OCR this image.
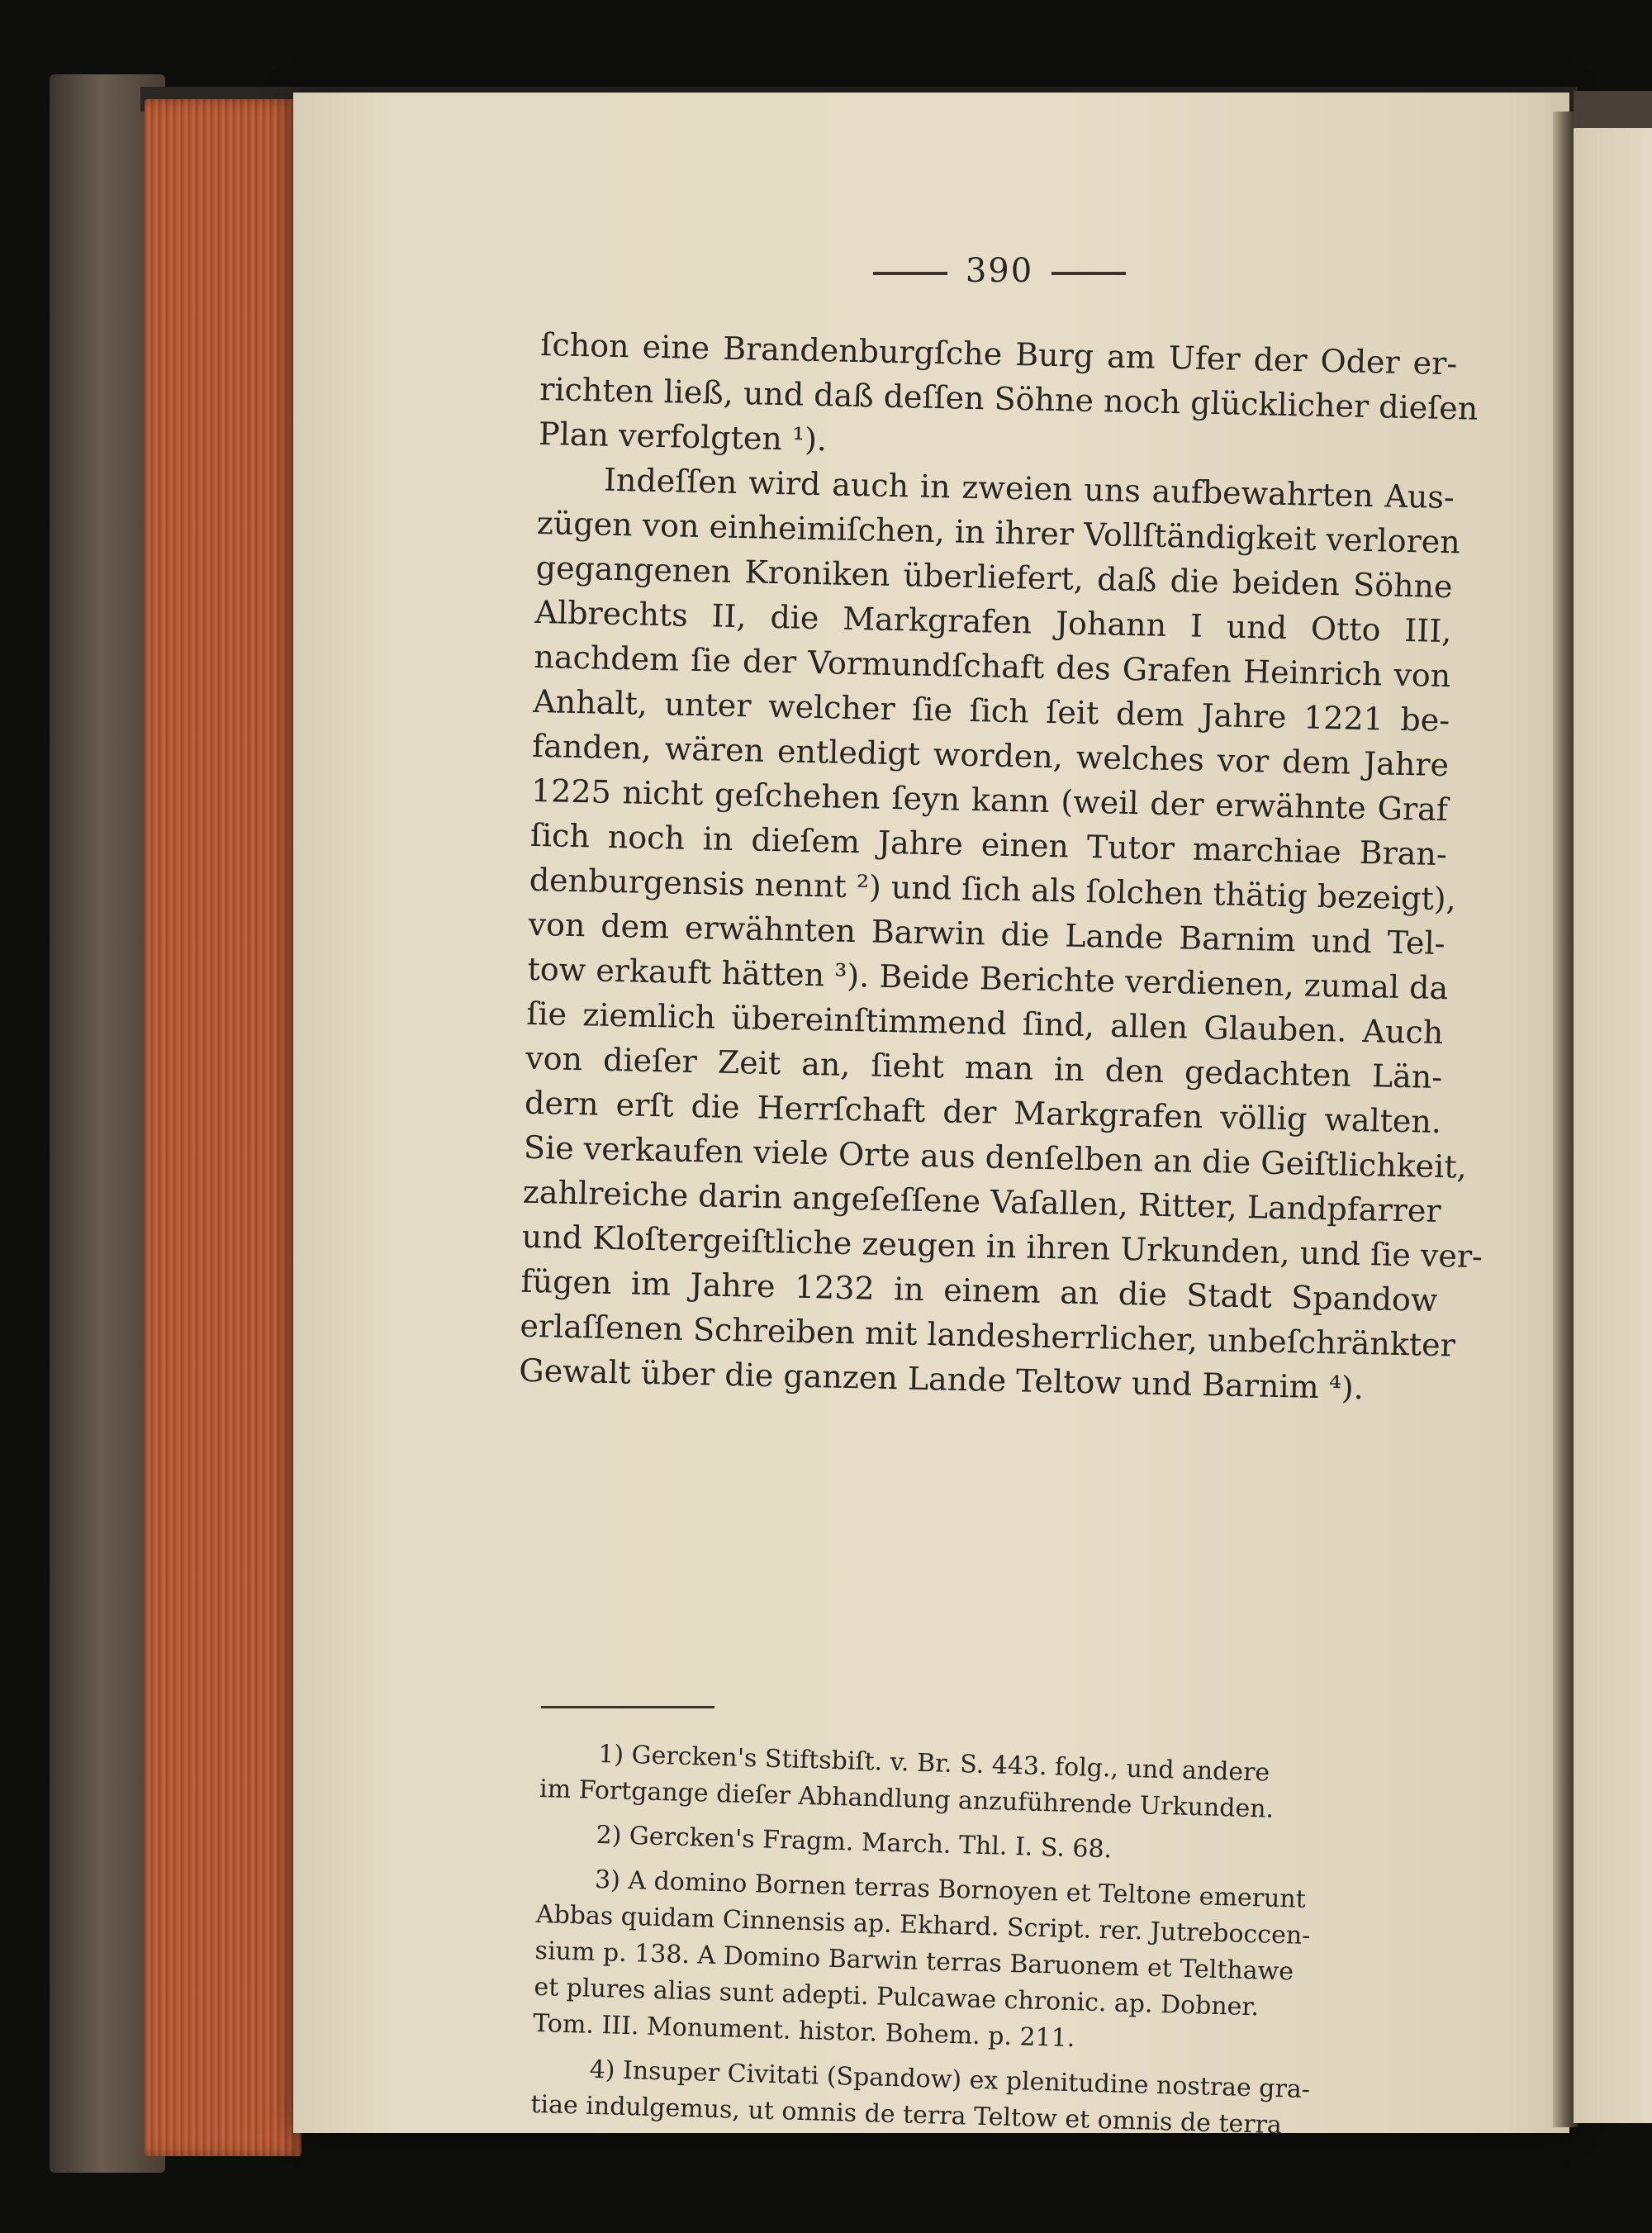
390
ſchon eine Brandenburgſche Burg am Ufer der Oder er-
richten ließ, und daß deſſen Söhne noch glücklicher dieſen
Plan verfolgten ¹).
Indeſſen wird auch in zweien uns aufbewahrten Aus-
zügen von einheimiſchen, in ihrer Vollſtändigkeit verloren
gegangenen Kroniken überliefert, daß die beiden Söhne
Albrechts II, die Markgrafen Johann I und Otto III,
nachdem ſie der Vormundſchaft des Grafen Heinrich von
Anhalt, unter welcher ſie ſich ſeit dem Jahre 1221 be-
fanden, wären entledigt worden, welches vor dem Jahre
1225 nicht geſchehen ſeyn kann (weil der erwähnte Graf
ſich noch in dieſem Jahre einen Tutor marchiae Bran-
denburgensis nennt ²) und ſich als ſolchen thätig bezeigt),
von dem erwähnten Barwin die Lande Barnim und Tel-
tow erkauft hätten ³). Beide Berichte verdienen, zumal da
ſie ziemlich übereinſtimmend ſind, allen Glauben. Auch
von dieſer Zeit an, ſieht man in den gedachten Län-
dern erſt die Herrſchaft der Markgrafen völlig walten.
Sie verkaufen viele Orte aus denſelben an die Geiſtlichkeit,
zahlreiche darin angeſeſſene Vaſallen, Ritter, Landpfarrer
und Kloſtergeiſtliche zeugen in ihren Urkunden, und ſie ver-
fügen im Jahre 1232 in einem an die Stadt Spandow
erlaſſenen Schreiben mit landesherrlicher, unbeſchränkter
Gewalt über die ganzen Lande Teltow und Barnim ⁴).
1) Gercken's Stiftsbiſt. v. Br. S. 443. folg., und andere
im Fortgange dieſer Abhandlung anzuführende Urkunden.
2) Gercken's Fragm. March. Thl. I. S. 68.
3) A domino Bornen terras Bornoyen et Teltone emerunt
Abbas quidam Cinnensis ap. Ekhard. Script. rer. Jutreboccen-
sium p. 138. A Domino Barwin terras Baruonem et Telthawe
et plures alias sunt adepti. Pulcawae chronic. ap. Dobner.
Tom. III. Monument. histor. Bohem. p. 211.
4) Insuper Civitati (Spandow) ex plenitudine nostrae gra-
tiae indulgemus, ut omnis de terra Teltow et omnis de terra
